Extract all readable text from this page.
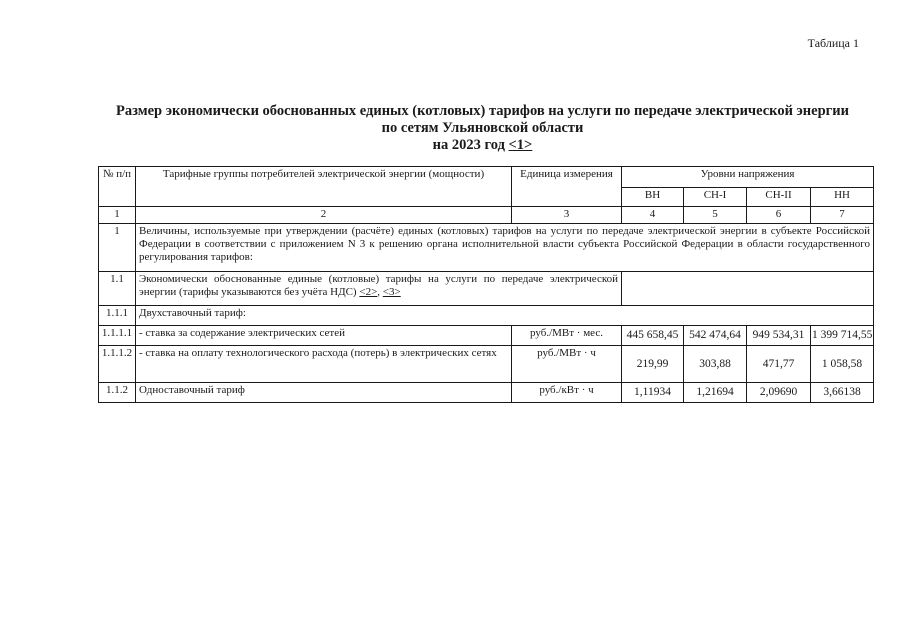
Таблица 1
Размер экономически обоснованных единых (котловых) тарифов на услуги по передаче электрической энергии
по сетям Ульяновской области
на 2023 год <1>
№ п/п	Тарифные группы потребителей электрической энергии (мощности)	Единица измерения	Уровни напряжения			
			ВН	СН-I	СН-II	НН
1	2	3	4	5	6	7
1	Величины, используемые при утверждении (расчёте) единых (котловых) тарифов на услуги по передаче электрической энергии в субъекте Российской Федерации в соответствии с приложением N 3 к решению органа исполнительной власти субъекта Российской Федерации в области государственного регулирования тарифов:					
1.1	Экономически обоснованные единые (котловые) тарифы на услуги по передаче электрической энергии (тарифы указываются без учёта НДС) <2>, <3>					
1.1.1	Двухставочный тариф:					
1.1.1.1	- ставка за содержание электрических сетей	руб./МВт · мес.	445 658,45	542 474,64	949 534,31	1 399 714,55
1.1.1.2	- ставка на оплату технологического расхода (потерь) в электрических сетях	руб./МВт · ч	219,99	303,88	471,77	1 058,58
1.1.2	Одноставочный тариф	руб./кВт · ч	1,11934	1,21694	2,09690	3,66138
